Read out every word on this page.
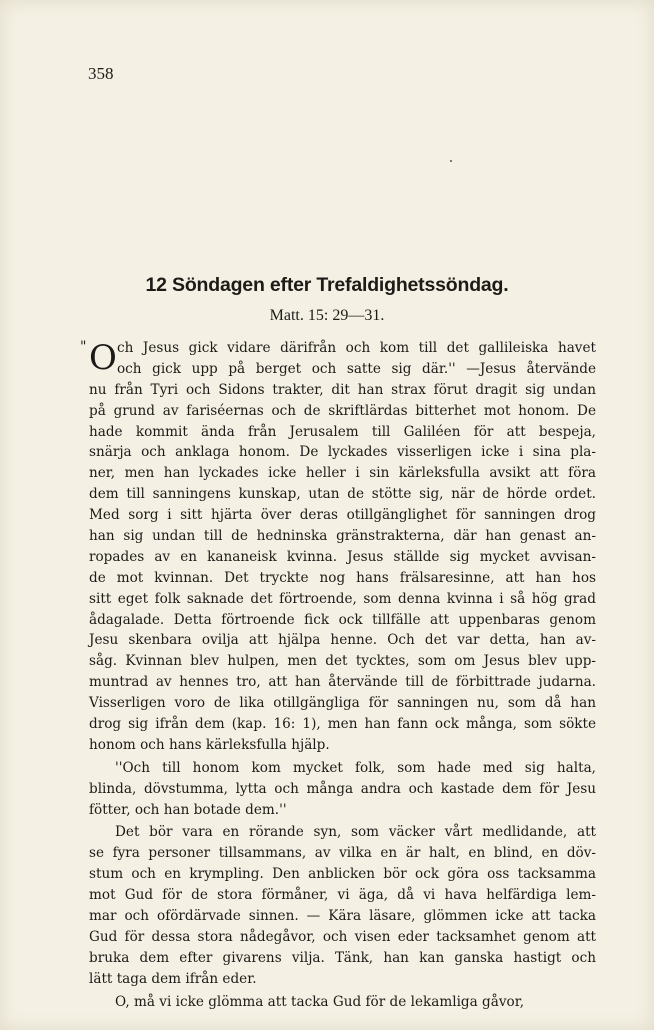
358
12 Söndagen efter Trefaldighetssöndag.
Matt. 15: 29—31.
" O ch Jesus gick vidare därifrån och kom till det gallileiska havet
och gick upp på berget och satte sig där.'' —Jesus återvände
nu från Tyri och Sidons trakter, dit han strax förut dragit sig undan
på grund av fariséernas och de skriftlärdas bitterhet mot honom. De
hade kommit ända från Jerusalem till Galiléen för att bespeja,
snärja och anklaga honom. De lyckades visserligen icke i sina pla-
ner, men han lyckades icke heller i sin kärleksfulla avsikt att föra
dem till sanningens kunskap, utan de stötte sig, när de hörde ordet.
Med sorg i sitt hjärta över deras otillgänglighet för sanningen drog
han sig undan till de hedninska gränstrakterna, där han genast an-
ropades av en kananeisk kvinna. Jesus ställde sig mycket avvisan-
de mot kvinnan. Det tryckte nog hans frälsaresinne, att han hos
sitt eget folk saknade det förtroende, som denna kvinna i så hög grad
ådagalade. Detta förtroende fick ock tillfälle att uppenbaras genom
Jesu skenbara ovilja att hjälpa henne. Och det var detta, han av-
såg. Kvinnan blev hulpen, men det tycktes, som om Jesus blev upp-
muntrad av hennes tro, att han återvände till de förbittrade judarna.
Visserligen voro de lika otillgängliga för sanningen nu, som då han
drog sig ifrån dem (kap. 16: 1), men han fann ock många, som sökte
honom och hans kärleksfulla hjälp.
''Och till honom kom mycket folk, som hade med sig halta,
blinda, dövstumma, lytta och många andra och kastade dem för Jesu
fötter, och han botade dem.''
Det bör vara en rörande syn, som väcker vårt medlidande, att
se fyra personer tillsammans, av vilka en är halt, en blind, en döv-
stum och en krympling. Den anblicken bör ock göra oss tacksamma
mot Gud för de stora förmåner, vi äga, då vi hava helfärdiga lem-
mar och ofördärvade sinnen. — Kära läsare, glömmen icke att tacka
Gud för dessa stora nådegåvor, och visen eder tacksamhet genom att
bruka dem efter givarens vilja. Tänk, han kan ganska hastigt och
lätt taga dem ifrån eder.
O, må vi icke glömma att tacka Gud för de lekamliga gåvor,
